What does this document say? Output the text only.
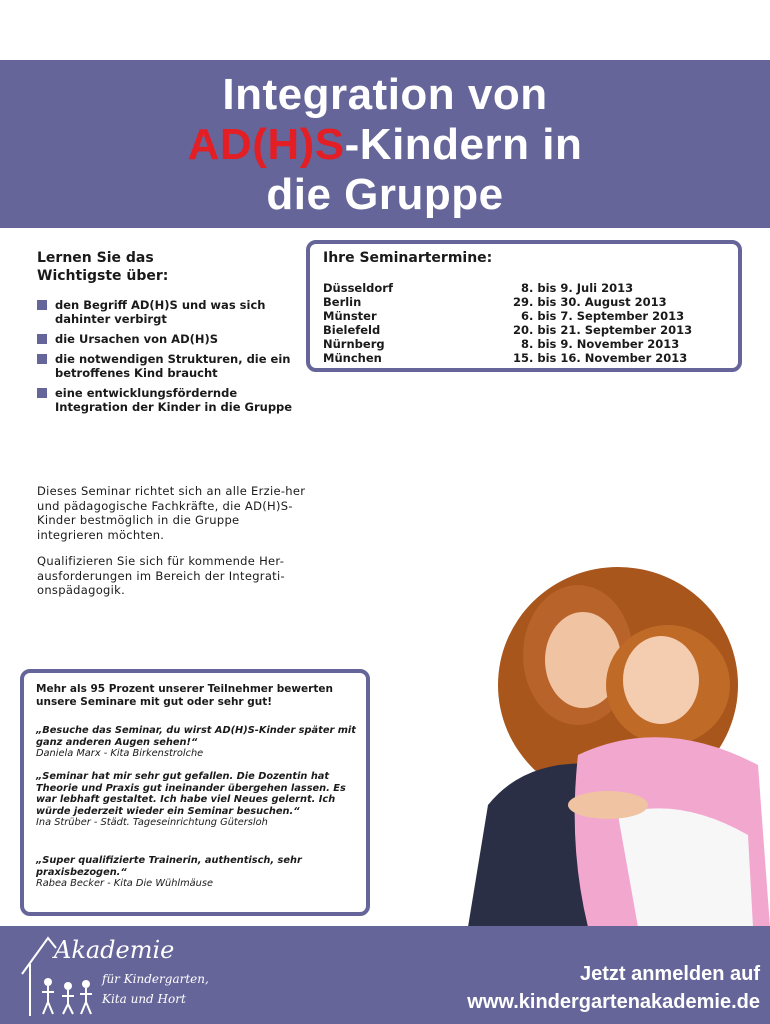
Integration von
AD(H)S-Kindern in
die Gruppe
Lernen Sie das
Wichtigste über:
den Begriff AD(H)S und was sich dahinter verbirgt
die Ursachen von AD(H)S
die notwendigen Strukturen, die ein betroffenes Kind braucht
eine entwicklungsfördernde Integration der Kinder in die Gruppe
Ihre Seminartermine:
Düsseldorf	8. bis 9. Juli 2013
Berlin	29. bis 30. August 2013
Münster	6. bis 7. September 2013
Bielefeld	20. bis 21. September 2013
Nürnberg	8. bis 9. November 2013
München	15. bis 16. November 2013
Dieses Seminar richtet sich an alle Erzie-her und pädagogische Fachkräfte, die AD(H)S-Kinder bestmöglich in die Gruppe integrieren möchten.
Qualifizieren Sie sich für kommende Her-ausforderungen im Bereich der Integrati-onspädagogik.
Mehr als 95 Prozent unserer Teilnehmer bewerten unsere Seminare mit gut oder sehr gut!
„Besuche das Seminar, du wirst AD(H)S-Kinder später mit ganz anderen Augen sehen!“
Daniela Marx - Kita Birkenstrolche
„Seminar hat mir sehr gut gefallen. Die Dozentin hat Theorie und Praxis gut ineinander übergehen lassen. Es war lebhaft gestaltet. Ich habe viel Neues gelernt. Ich würde jederzeit wieder ein Seminar besuchen.“
Ina Strüber - Städt. Tageseinrichtung Gütersloh
„Super qualifizierte Trainerin, authentisch, sehr praxisbezogen.“
Rabea Becker - Kita Die Wühlmäuse
Akademie
für Kindergarten,
Kita und Hort
Jetzt anmelden auf
www.kindergartenakademie.de
